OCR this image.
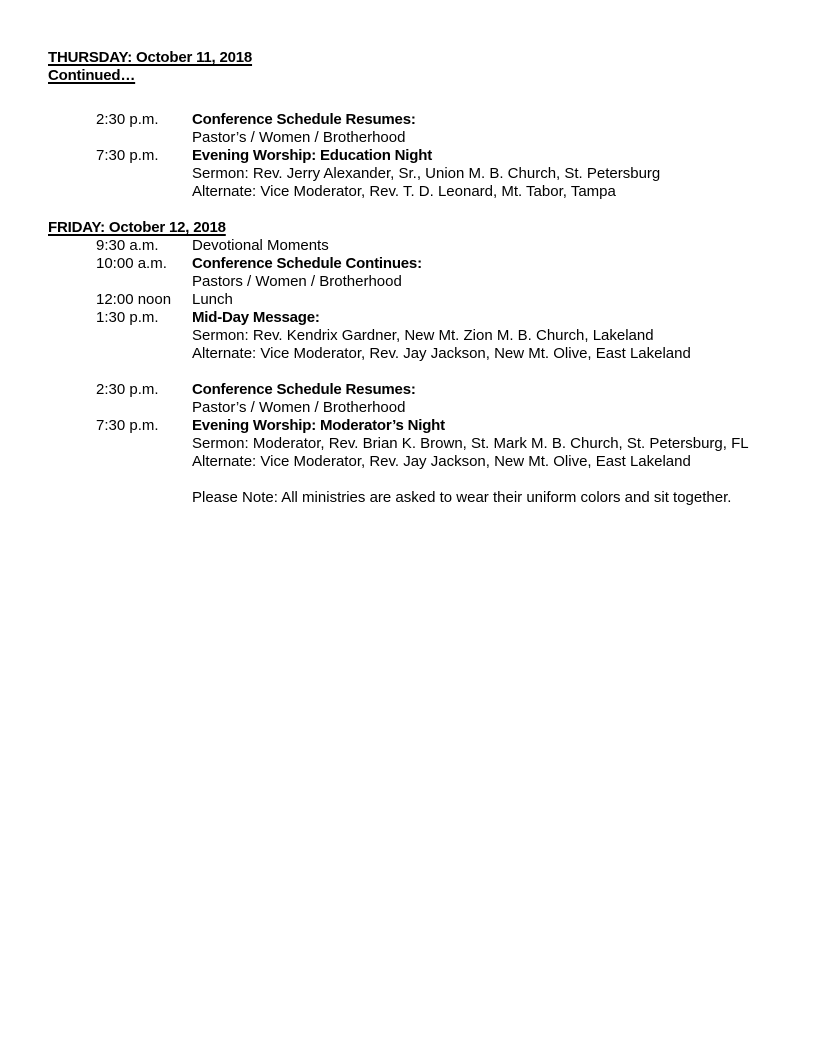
THURSDAY: October 11, 2018
Continued…
2:30 p.m.	Conference Schedule Resumes:
Pastor’s / Women / Brotherhood
7:30 p.m.	Evening Worship: Education Night
Sermon: Rev. Jerry Alexander, Sr., Union M. B. Church, St. Petersburg
Alternate: Vice Moderator, Rev. T. D. Leonard, Mt. Tabor, Tampa
FRIDAY: October 12, 2018
9:30 a.m.	Devotional Moments
10:00 a.m.	Conference Schedule Continues:
Pastors / Women / Brotherhood
12:00 noon	Lunch
1:30 p.m.	Mid-Day Message:
Sermon: Rev. Kendrix Gardner, New Mt. Zion M. B. Church, Lakeland
Alternate: Vice Moderator, Rev. Jay Jackson, New Mt. Olive, East Lakeland
2:30 p.m.	Conference Schedule Resumes:
Pastor’s / Women / Brotherhood
7:30 p.m.	Evening Worship: Moderator’s Night
Sermon: Moderator, Rev. Brian K. Brown, St. Mark M. B. Church, St. Petersburg, FL
Alternate: Vice Moderator, Rev. Jay Jackson, New Mt. Olive, East Lakeland
Please Note: All ministries are asked to wear their uniform colors and sit together.
